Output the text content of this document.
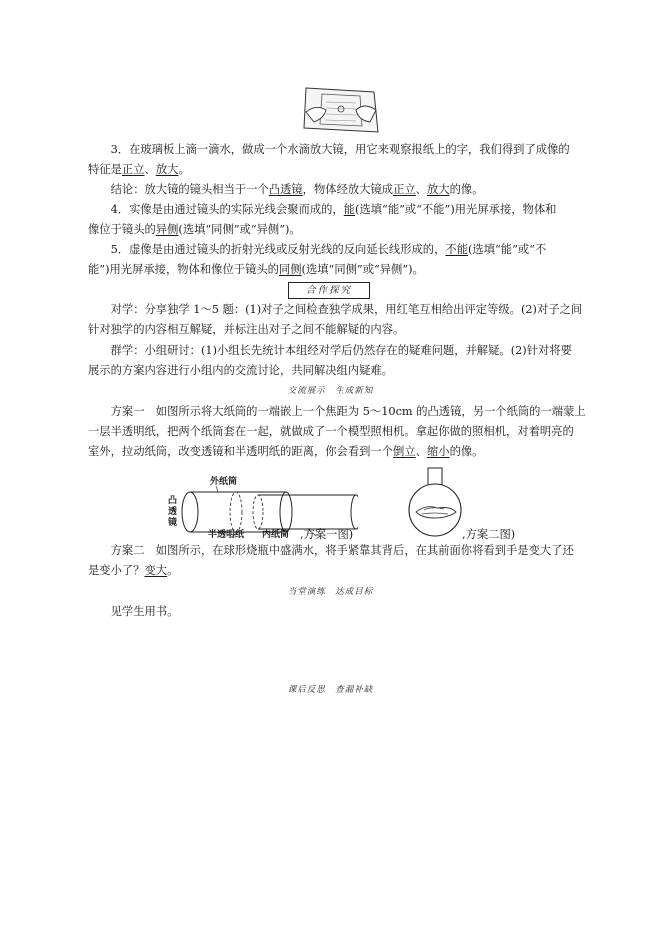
3．在玻璃板上滴一滴水，做成一个水滴放大镜，用它来观察报纸上的字，我们得到了成像的

特征是正立、放大。

结论：放大镜的镜头相当于一个凸透镜，物体经放大镜成正立、放大的像。

4．实像是由通过镜头的实际光线会聚而成的，能(选填“能”或“不能”)用光屏承接，物体和

像位于镜头的异侧(选填“同侧”或“异侧”)。

5．虚像是由通过镜头的折射光线或反射光线的反向延长线形成的，不能(选填“能”或“不

能”)用光屏承接，物体和像位于镜头的同侧(选填“同侧”或“异侧”)。

合作探究

对学：分享独学 1～5 题：(1)对子之间检查独学成果，用红笔互相给出评定等级。(2)对子之间

针对独学的内容相互解疑，并标注出对子之间不能解疑的内容。

群学：小组研讨：(1)小组长先统计本组经对学后仍然存在的疑难问题，并解疑。(2)针对将要

展示的方案内容进行小组内的交流讨论，共同解决组内疑难。

交流展示　生成新知

方案一　如图所示将大纸筒的一端嵌上一个焦距为 5～10cm 的凸透镜，另一个纸筒的一端蒙上

一层半透明纸，把两个纸筒套在一起，就做成了一个模型照相机。拿起你做的照相机，对着明亮的

室外，拉动纸筒，改变透镜和半透明纸的距离，你会看到一个倒立、缩小的像。

外纸筒
凸
透
镜
半透明纸 内纸筒 ,方案一图)	,方案二图)

方案二　如图所示，在球形烧瓶中盛满水，将手紧靠其背后，在其前面你将看到手是变大了还

是变小了？变大。

当堂演练　达成目标

见学生用书。

课后反思　查漏补缺
